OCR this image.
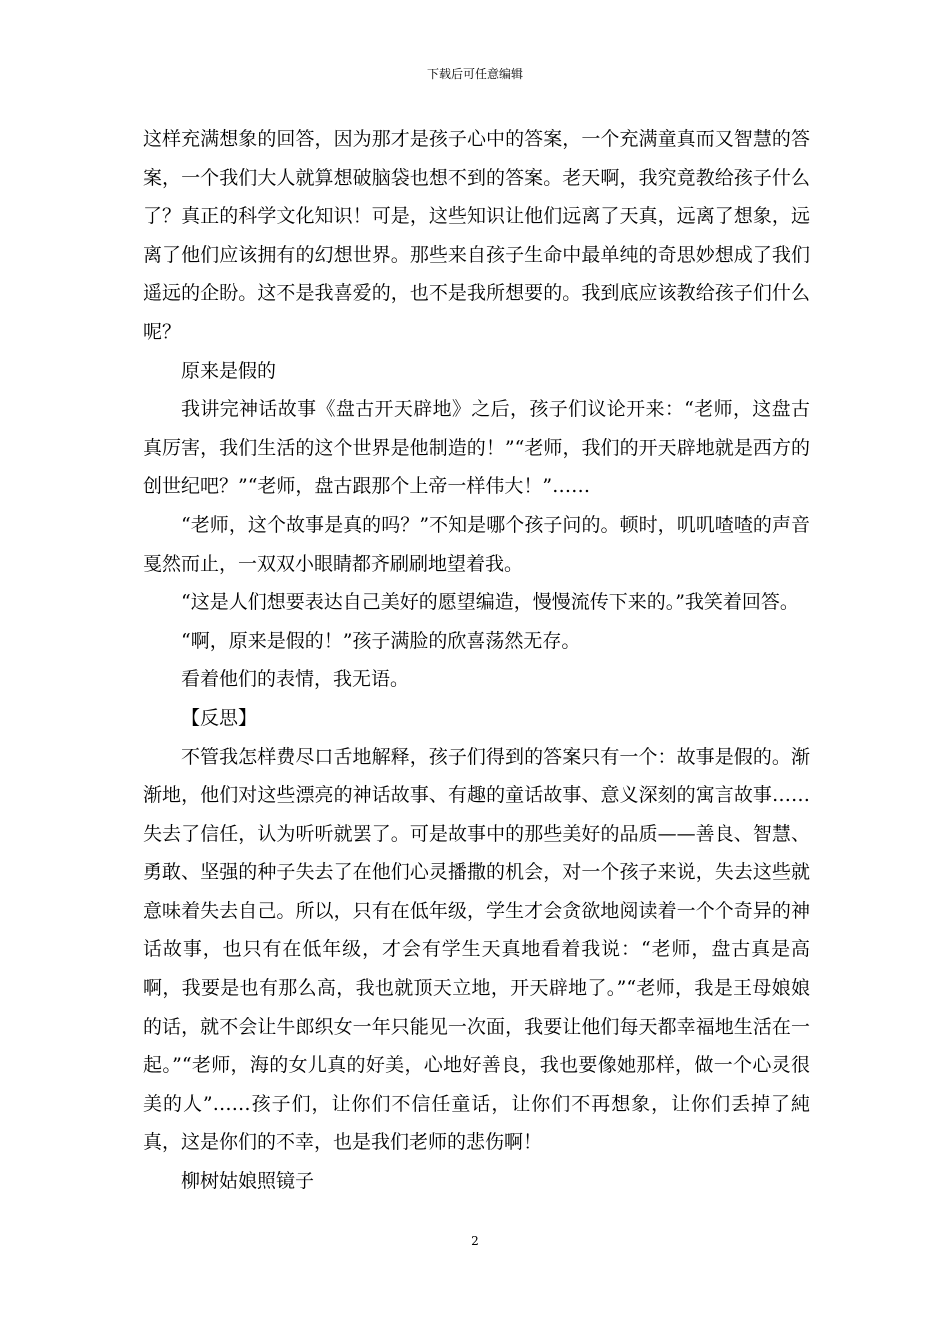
下载后可任意编辑

这样充满想象的回答，因为那才是孩子心中的答案，一个充满童真而又智慧的答案，一个我们大人就算想破脑袋也想不到的答案。老天啊，我究竟教给孩子什么了？真正的科学文化知识！可是，这些知识让他们远离了天真，远离了想象，远离了他们应该拥有的幻想世界。那些来自孩子生命中最单纯的奇思妙想成了我们遥远的企盼。这不是我喜爱的，也不是我所想要的。我到底应该教给孩子们什么呢？

原来是假的

我讲完神话故事《盘古开天辟地》之后，孩子们议论开来：“老师，这盘古真厉害，我们生活的这个世界是他制造的！”“老师，我们的开天辟地就是西方的创世纪吧？”“老师，盘古跟那个上帝一样伟大！”……

“老师，这个故事是真的吗？”不知是哪个孩子问的。顿时，叽叽喳喳的声音戛然而止，一双双小眼睛都齐刷刷地望着我。

“这是人们想要表达自己美好的愿望编造，慢慢流传下来的。”我笑着回答。

“啊，原来是假的！”孩子满脸的欣喜荡然无存。

看着他们的表情，我无语。

【反思】

不管我怎样费尽口舌地解释，孩子们得到的答案只有一个：故事是假的。渐渐地，他们对这些漂亮的神话故事、有趣的童话故事、意义深刻的寓言故事……失去了信任，认为听听就罢了。可是故事中的那些美好的品质——善良、智慧、勇敢、坚强的种子失去了在他们心灵播撒的机会，对一个孩子来说，失去这些就意味着失去自己。所以，只有在低年级，学生才会贪欲地阅读着一个个奇异的神话故事，也只有在低年级，才会有学生天真地看着我说：“老师，盘古真是高啊，我要是也有那么高，我也就顶天立地，开天辟地了。”“老师，我是王母娘娘的话，就不会让牛郎织女一年只能见一次面，我要让他们每天都幸福地生活在一起。”“老师，海的女儿真的好美，心地好善良，我也要像她那样，做一个心灵很美的人”……孩子们，让你们不信任童话，让你们不再想象，让你们丢掉了純真，这是你们的不幸，也是我们老师的悲伤啊！

柳树姑娘照镜子

2
